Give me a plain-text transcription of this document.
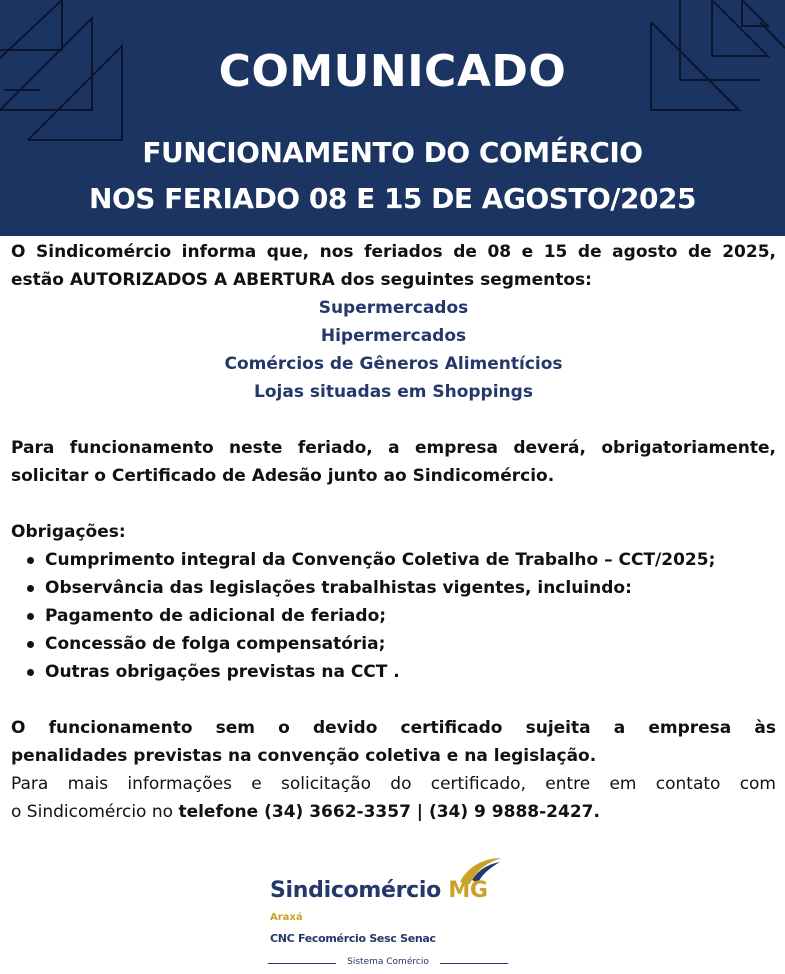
COMUNICADO
FUNCIONAMENTO DO COMÉRCIO
NOS FERIADO 08 E 15 DE AGOSTO/2025
O Sindicomércio informa que, nos feriados de 08 e 15 de agosto de 2025,
estão AUTORIZADOS A ABERTURA dos seguintes segmentos:
Supermercados
Hipermercados
Comércios de Gêneros Alimentícios
Lojas situadas em Shoppings
Para funcionamento neste feriado, a empresa deverá, obrigatoriamente,
solicitar o Certificado de Adesão junto ao Sindicomércio.
Obrigações:
Cumprimento integral da Convenção Coletiva de Trabalho – CCT/2025;
Observância das legislações trabalhistas vigentes, incluindo:
Pagamento de adicional de feriado;
Concessão de folga compensatória;
Outras obrigações previstas na CCT .
O funcionamento sem o devido certificado sujeita a empresa às
penalidades previstas na convenção coletiva e na legislação.
Para mais informações e solicitação do certificado, entre em contato com
o Sindicomércio no telefone (34) 3662-3357 | (34) 9 9888-2427.
Sindicomércio MG
Araxá
CNC Fecomércio Sesc Senac
Sistema Comércio
